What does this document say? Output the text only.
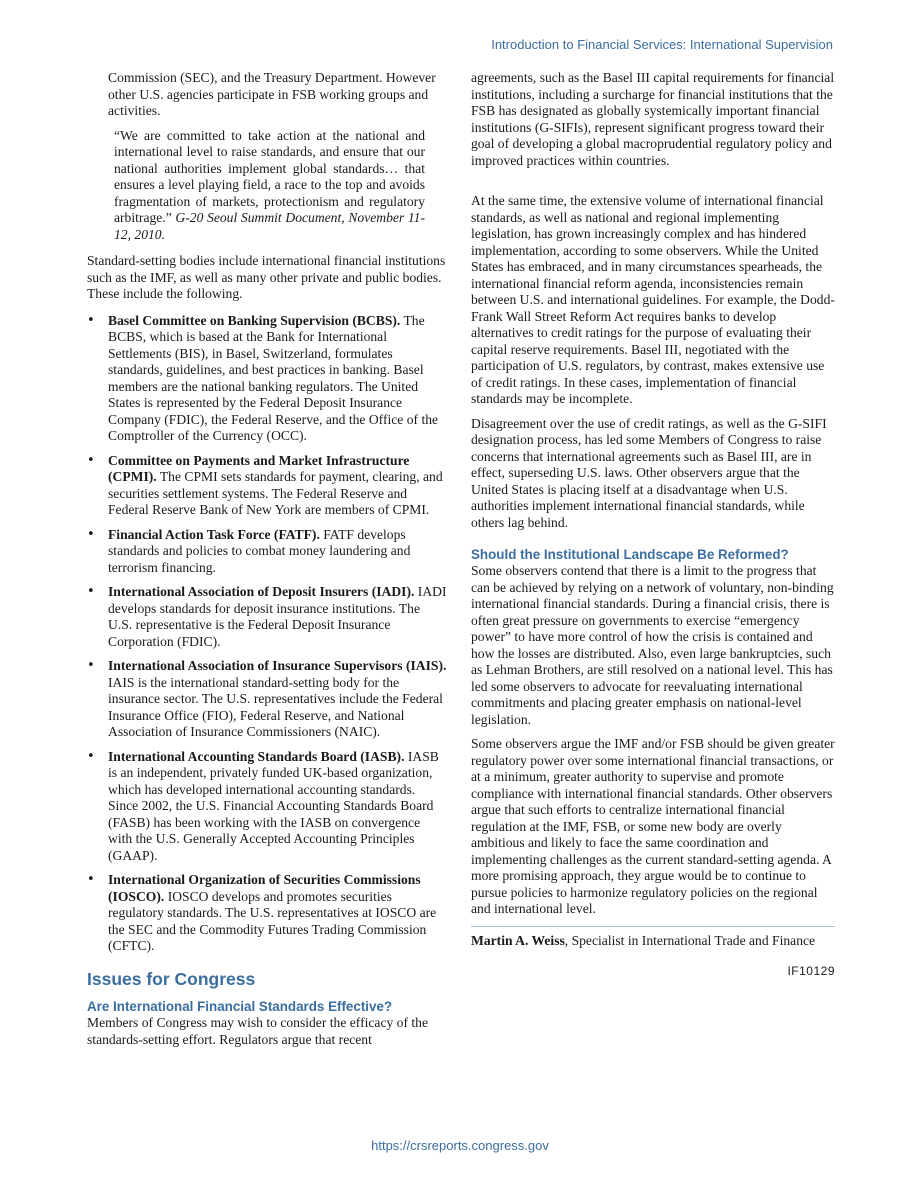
Introduction to Financial Services: International Supervision

Commission (SEC), and the Treasury Department. However other U.S. agencies participate in FSB working groups and activities.

“We are committed to take action at the national and international level to raise standards, and ensure that our national authorities implement global standards… that ensures a level playing field, a race to the top and avoids fragmentation of markets, protectionism and regulatory arbitrage.” G-20 Seoul Summit Document, November 11-12, 2010.

Standard-setting bodies include international financial institutions such as the IMF, as well as many other private and public bodies. These include the following.

• Basel Committee on Banking Supervision (BCBS). The BCBS, which is based at the Bank for International Settlements (BIS), in Basel, Switzerland, formulates standards, guidelines, and best practices in banking. Basel members are the national banking regulators. The United States is represented by the Federal Deposit Insurance Company (FDIC), the Federal Reserve, and the Office of the Comptroller of the Currency (OCC).
• Committee on Payments and Market Infrastructure (CPMI). The CPMI sets standards for payment, clearing, and securities settlement systems. The Federal Reserve and Federal Reserve Bank of New York are members of CPMI.
• Financial Action Task Force (FATF). FATF develops standards and policies to combat money laundering and terrorism financing.
• International Association of Deposit Insurers (IADI). IADI develops standards for deposit insurance institutions. The U.S. representative is the Federal Deposit Insurance Corporation (FDIC).
• International Association of Insurance Supervisors (IAIS). IAIS is the international standard-setting body for the insurance sector. The U.S. representatives include the Federal Insurance Office (FIO), Federal Reserve, and National Association of Insurance Commissioners (NAIC).
• International Accounting Standards Board (IASB). IASB is an independent, privately funded UK-based organization, which has developed international accounting standards. Since 2002, the U.S. Financial Accounting Standards Board (FASB) has been working with the IASB on convergence with the U.S. Generally Accepted Accounting Principles (GAAP).
• International Organization of Securities Commissions (IOSCO). IOSCO develops and promotes securities regulatory standards. The U.S. representatives at IOSCO are the SEC and the Commodity Futures Trading Commission (CFTC).
Issues for Congress
Are International Financial Standards Effective?

Members of Congress may wish to consider the efficacy of the standards-setting effort. Regulators argue that recent

agreements, such as the Basel III capital requirements for financial institutions, including a surcharge for financial institutions that the FSB has designated as globally systemically important financial institutions (G-SIFIs), represent significant progress toward their goal of developing a global macroprudential regulatory policy and improved practices within countries.

At the same time, the extensive volume of international financial standards, as well as national and regional implementing legislation, has grown increasingly complex and has hindered implementation, according to some observers. While the United States has embraced, and in many circumstances spearheads, the international financial reform agenda, inconsistencies remain between U.S. and international guidelines. For example, the Dodd-Frank Wall Street Reform Act requires banks to develop alternatives to credit ratings for the purpose of evaluating their capital reserve requirements. Basel III, negotiated with the participation of U.S. regulators, by contrast, makes extensive use of credit ratings. In these cases, implementation of financial standards may be incomplete.

Disagreement over the use of credit ratings, as well as the G-SIFI designation process, has led some Members of Congress to raise concerns that international agreements such as Basel III, are in effect, superseding U.S. laws. Other observers argue that the United States is placing itself at a disadvantage when U.S. authorities implement international financial standards, while others lag behind.

Should the Institutional Landscape Be Reformed?

Some observers contend that there is a limit to the progress that can be achieved by relying on a network of voluntary, non-binding international financial standards. During a financial crisis, there is often great pressure on governments to exercise “emergency power” to have more control of how the crisis is contained and how the losses are distributed. Also, even large bankruptcies, such as Lehman Brothers, are still resolved on a national level. This has led some observers to advocate for reevaluating international commitments and placing greater emphasis on national-level legislation.

Some observers argue the IMF and/or FSB should be given greater regulatory power over some international financial transactions, or at a minimum, greater authority to supervise and promote compliance with international financial standards. Other observers argue that such efforts to centralize international financial regulation at the IMF, FSB, or some new body are overly ambitious and likely to face the same coordination and implementing challenges as the current standard-setting agenda. A more promising approach, they argue would be to continue to pursue policies to harmonize regulatory policies on the regional and international level.

Martin A. Weiss, Specialist in International Trade and Finance

IF10129
https://crsreports.congress.gov
